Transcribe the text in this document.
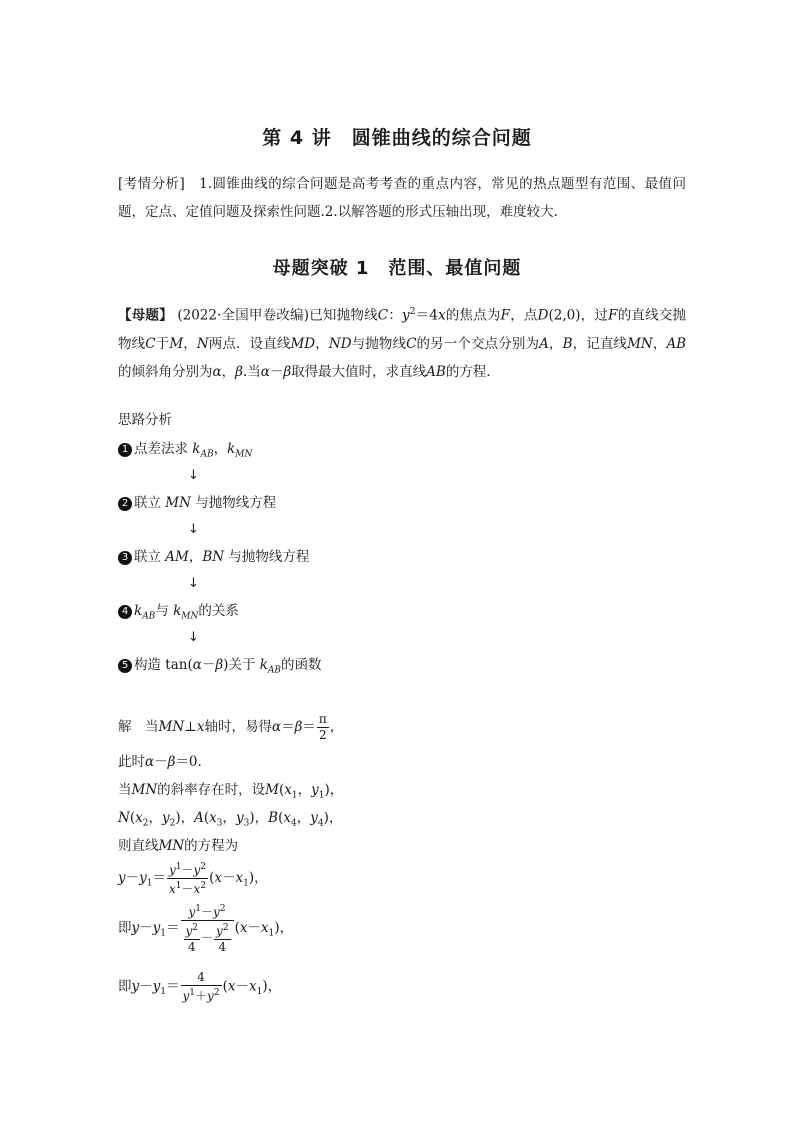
第 4 讲　圆锥曲线的综合问题
[考情分析]　1.圆锥曲线的综合问题是高考考查的重点内容，常见的热点题型有范围、最值问题，定点、定值问题及探索性问题.2.以解答题的形式压轴出现，难度较大.
母题突破 1　范围、最值问题
【母题】 (2022·全国甲卷改编)已知抛物线C：$y^2=4x$的焦点为F，点D(2,0)，过F的直线交抛物线C于M，N两点．设直线MD，ND与抛物线C的另一个交点分别为A，B，记直线MN，AB的倾斜角分别为α，β.当α－β取得最大值时，求直线AB的方程．
思路分析
1 点差法求 $k_{AB}$，$k_{MN}$
↓
2 联立 MN 与抛物线方程
↓
3 联立 AM，BN 与抛物线方程
↓
4 $k_{AB}$与 $k_{MN}$的关系
↓
5 构造 tan(α－β)关于 $k_{AB}$的函数
解　当MN⊥x轴时，易得$\alpha=\beta= \frac{\pi}{2}$ ，
此时α－β＝0.
当MN的斜率存在时，设$M(x_1$，$y_1$)，
$N(x_2$，$y_2$)，$A(x_3$，$y_3$)，$B(x_4$，$y_4$)，
则直线MN的方程为
$y-y_1= \frac{y^1-y^2}{x^1-x^2} (x-x_1)$，
即$y-y_1= \frac{y^1-y^2}{\frac{y^2}{4} - \frac{y^2}{4}} (x-x_1)$，
即$y-y_1= \frac{4}{y^1+y^2} (x-x_1)$，
